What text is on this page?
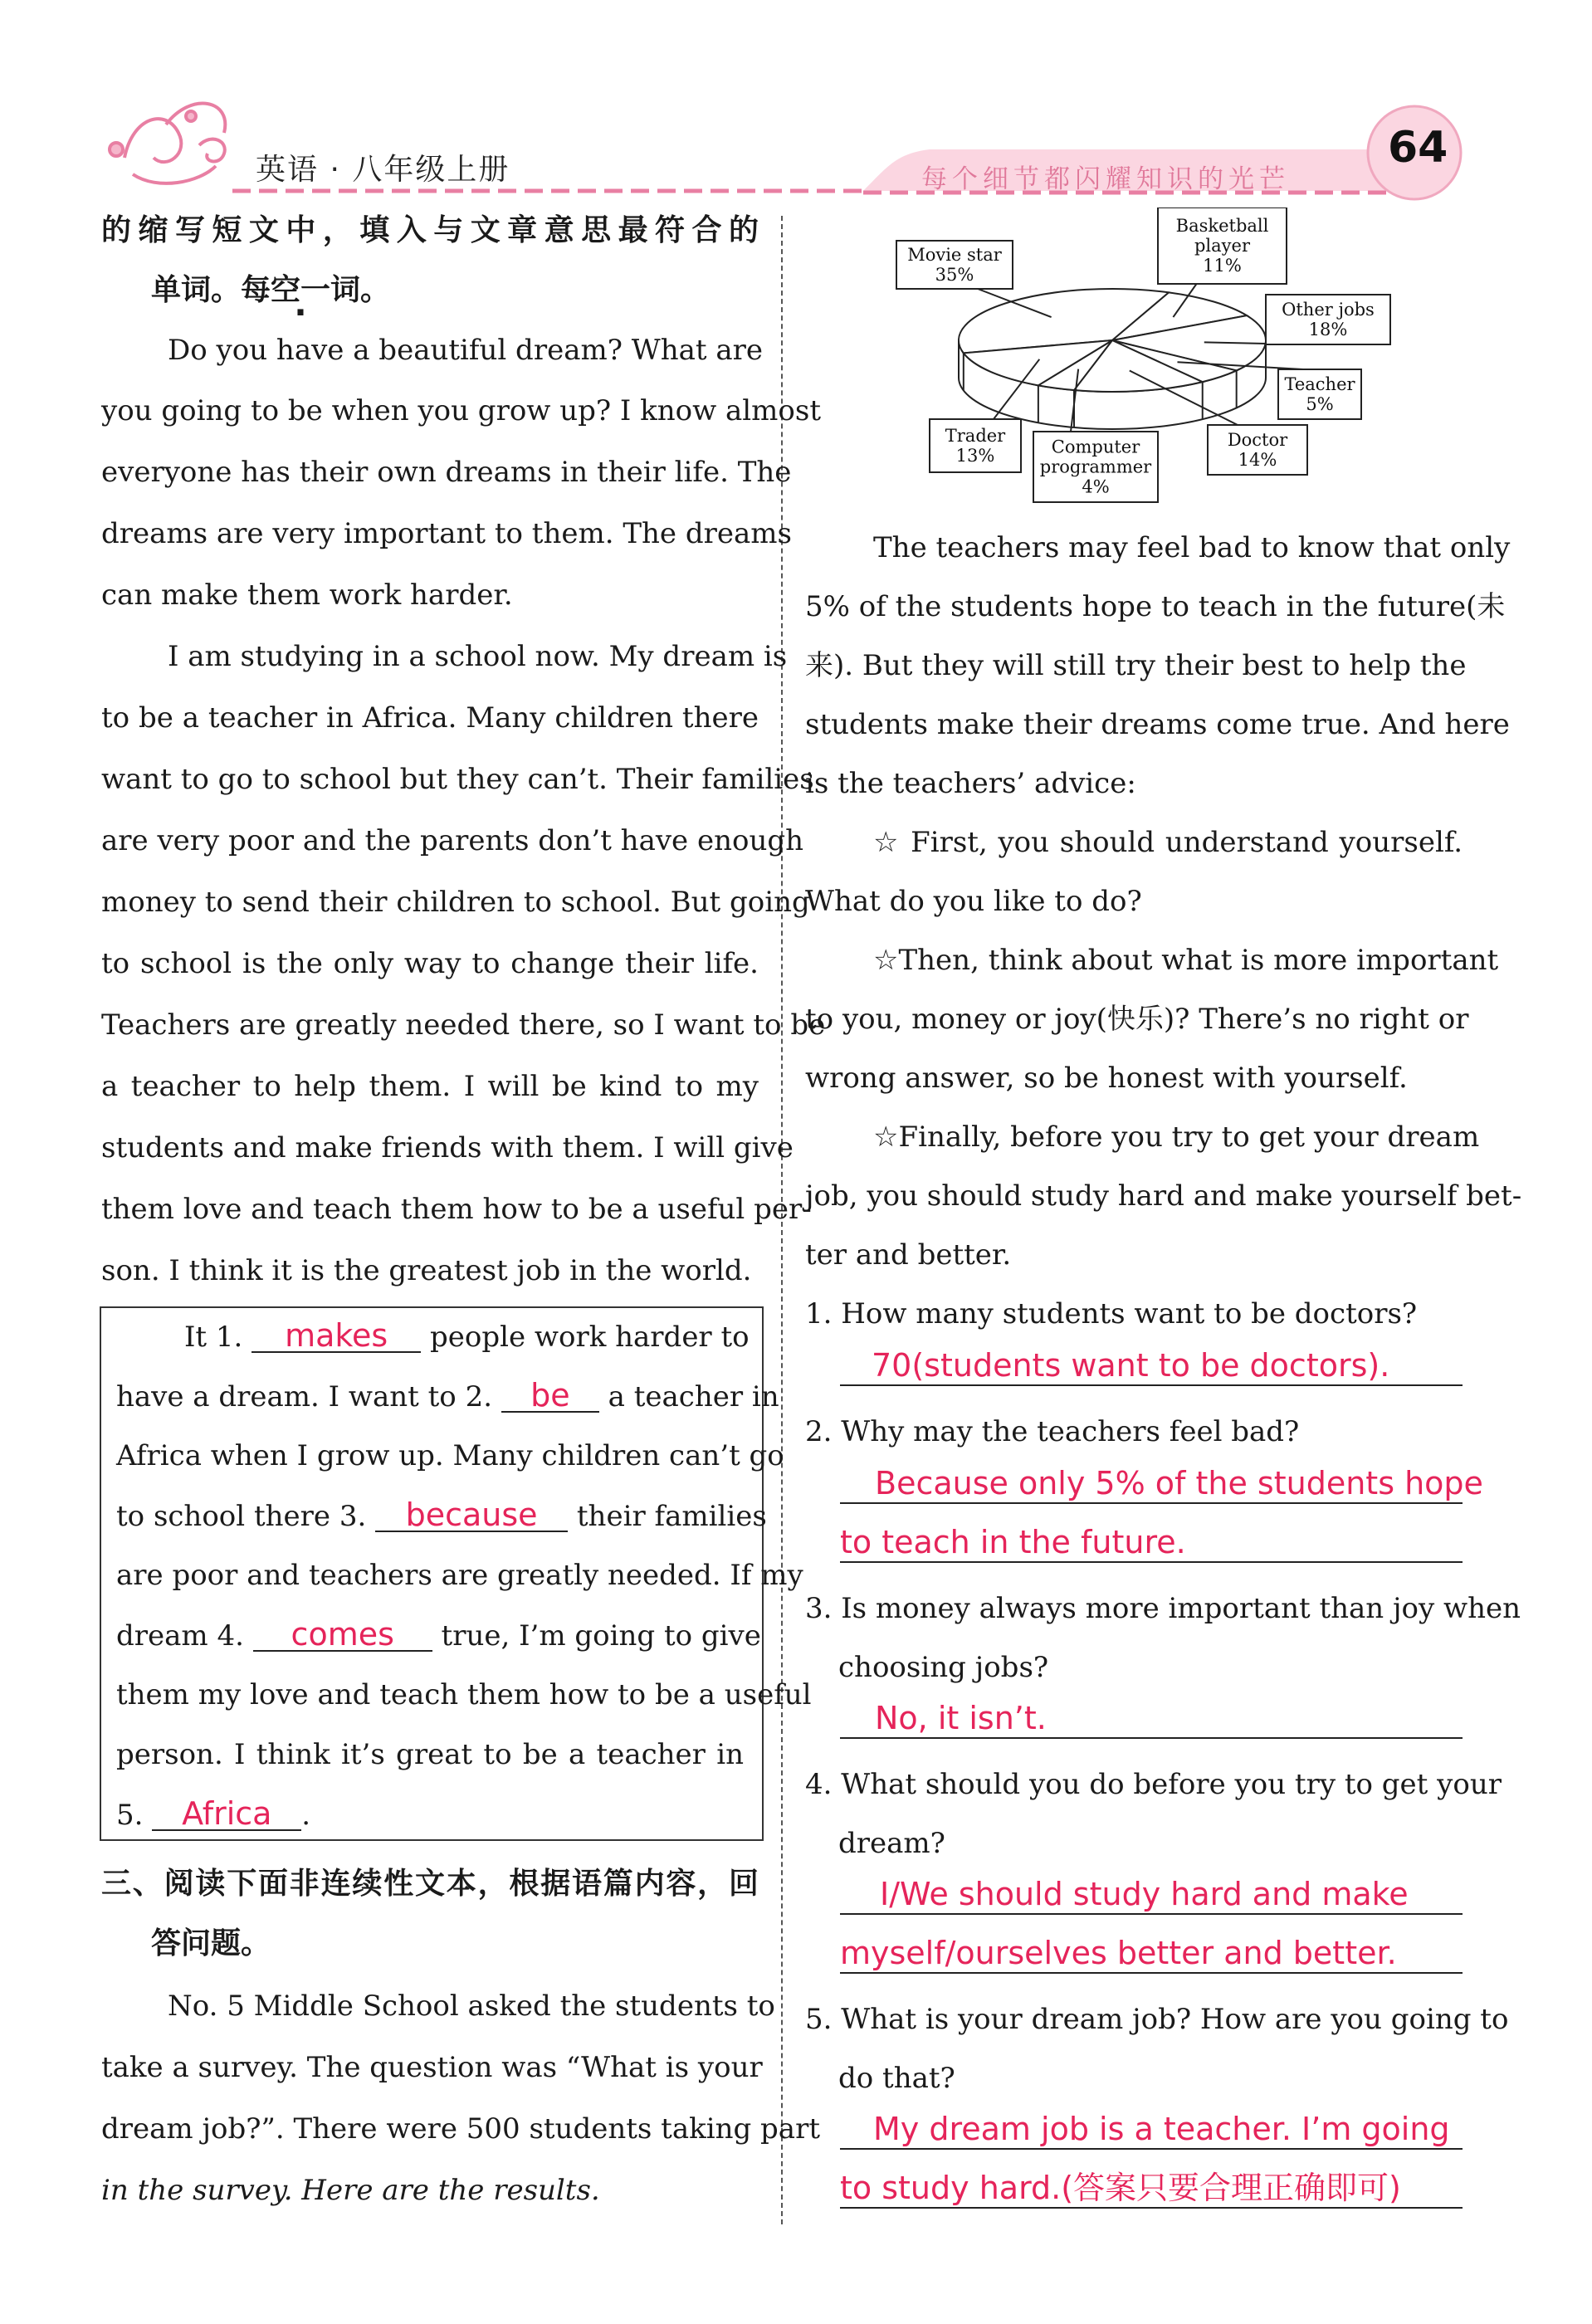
英语 · 八年级上册	每个细节都闪耀知识的光芒
64
的缩写短文中，填入与文章意思最符合的
单词。每空一词。
Do you have a beautiful dream? What are
you going to be when you grow up? I know almost
everyone has their own dreams in their life. The
dreams are very important to them. The dreams
can make them work harder.
I am studying in a school now. My dream is
to be a teacher in Africa. Many children there
want to go to school but they can’t. Their families
are very poor and the parents don’t have enough
money to send their children to school. But going
to school is the only way to change their life.
Teachers are greatly needed there, so I want to be
a teacher to help them. I will be kind to my
students and make friends with them. I will give
them love and teach them how to be a useful per-
son. I think it is the greatest job in the world.
It 1. makes people work harder to
have a dream. I want to 2. be a teacher in
Africa when I grow up. Many children can’t go
to school there 3. because their families
are poor and teachers are greatly needed. If my
dream 4. comes true, I’m going to give
them my love and teach them how to be a useful
person. I think it’s great to be a teacher in
5. Africa .
三、阅读下面非连续性文本，根据语篇内容，回
答问题。
No. 5 Middle School asked the students to
take a survey. The question was “What is your
dream job?”. There were 500 students taking part
in the survey. Here are the results.
Movie star
35%
Basketball
player
11%
Other jobs
18%
Teacher
5%
Doctor
14%
Computer
programmer
4%
Trader
13%
The teachers may feel bad to know that only
5% of the students hope to teach in the future(未
来). But they will still try their best to help the
students make their dreams come true. And here
is the teachers’ advice:
☆ First, you should understand yourself.
What do you like to do?
☆Then, think about what is more important
to you, money or joy(快乐)? There’s no right or
wrong answer, so be honest with yourself.
☆Finally, before you try to get your dream
job, you should study hard and make yourself bet-
ter and better.
1. How many students want to be doctors?
70(students want to be doctors).
2. Why may the teachers feel bad?
Because only 5% of the students hope
to teach in the future.
3. Is money always more important than joy when
choosing jobs?
No, it isn’t.
4. What should you do before you try to get your
dream?
I/We should study hard and make
myself/ourselves better and better.
5. What is your dream job? How are you going to
do that?
My dream job is a teacher. I’m going
to study hard.(答案只要合理正确即可)
